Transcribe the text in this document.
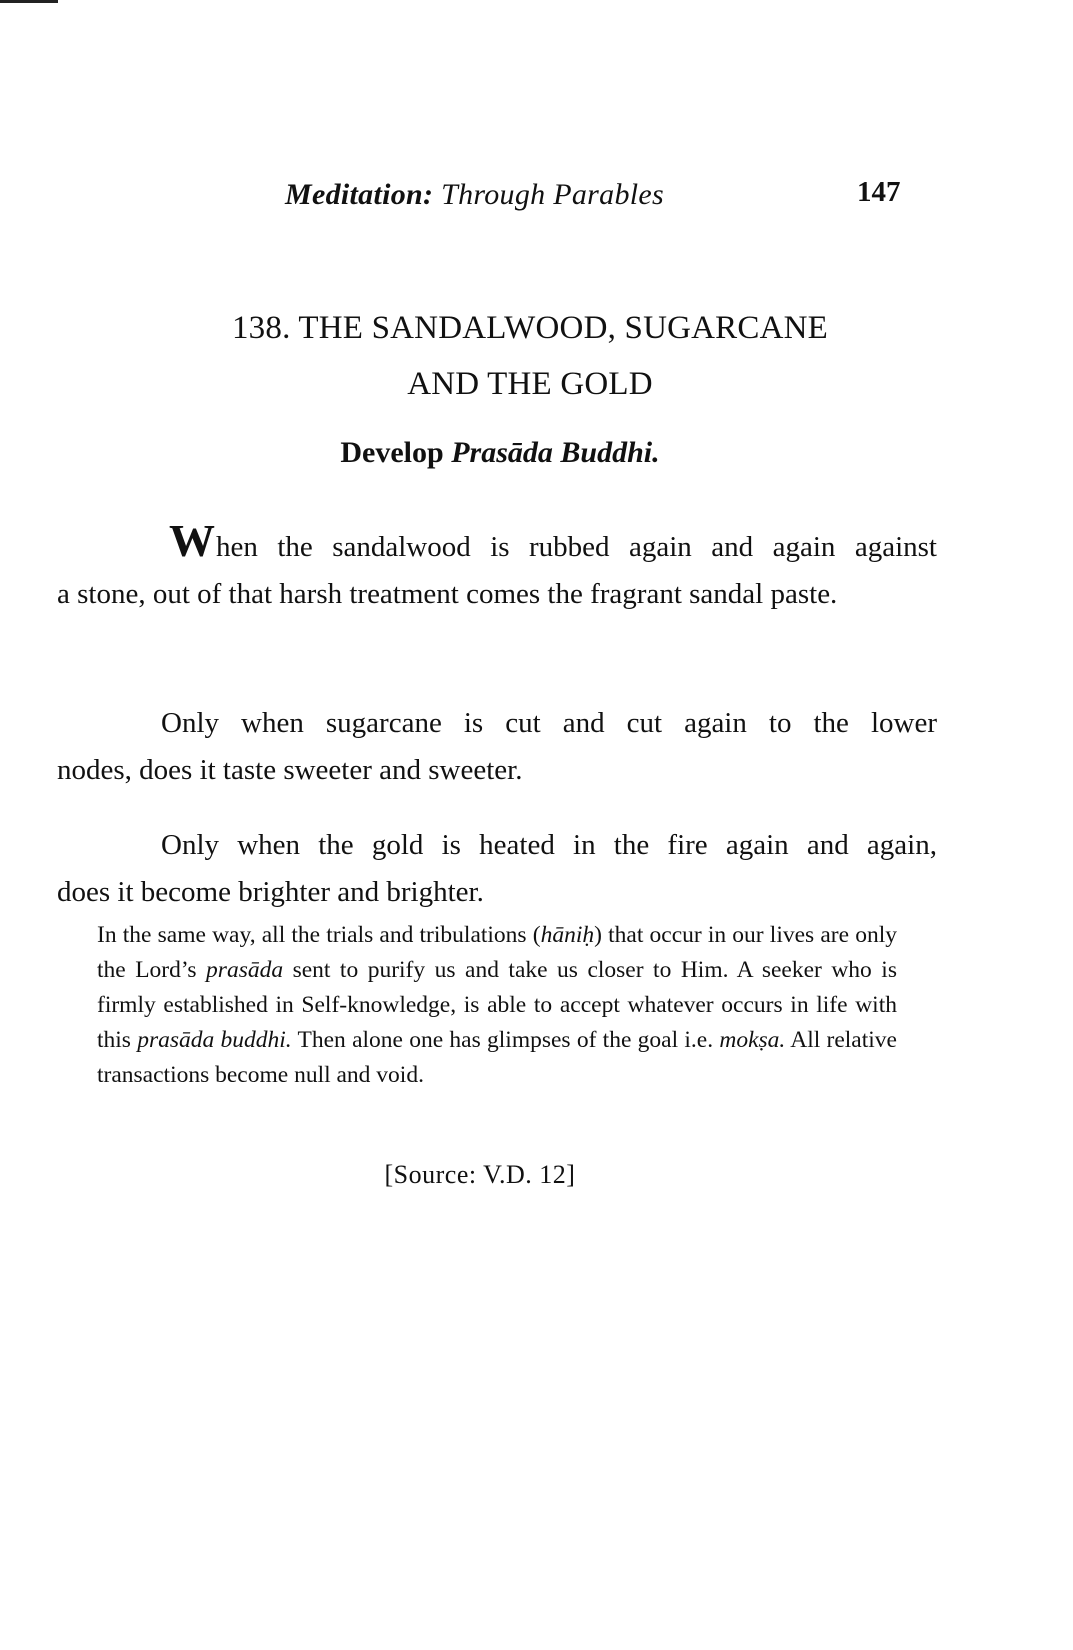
Meditation: Through Parables	147
138. THE SANDALWOOD, SUGARCANE
AND THE GOLD
Develop Prasāda Buddhi.
When the sandalwood is rubbed again and again against
a stone, out of that harsh treatment comes the fragrant sandal paste.
Only when sugarcane is cut and cut again to the lower
nodes, does it taste sweeter and sweeter.
Only when the gold is heated in the fire again and again,
does it become brighter and brighter.
In the same way, all the trials and tribulations (hāniḥ) that occur in our lives are only the Lord’s prasāda sent to purify us and take us closer to Him. A seeker who is firmly established in Self-knowledge, is able to accept whatever occurs in life with this prasāda buddhi. Then alone one has glimpses of the goal i.e. mokṣa. All relative transactions become null and void.
[Source: V.D. 12]
